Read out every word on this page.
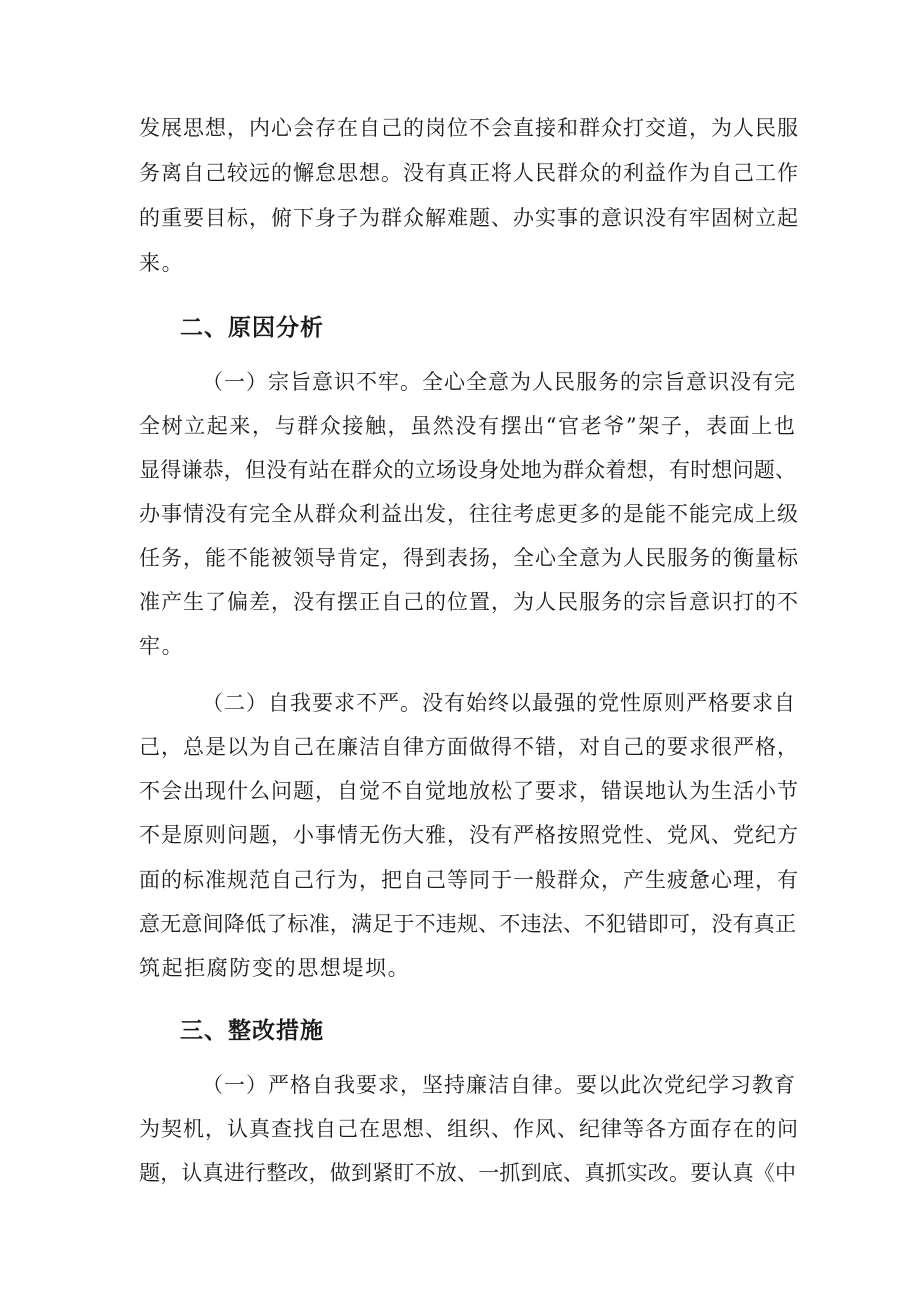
发展思想，内心会存在自己的岗位不会直接和群众打交道，为人民服
务离自己较远的懈怠思想。没有真正将人民群众的利益作为自己工作
的重要目标，俯下身子为群众解难题、办实事的意识没有牢固树立起
来。
二、原因分析
（一）宗旨意识不牢。全心全意为人民服务的宗旨意识没有完
全树立起来，与群众接触，虽然没有摆出“官老爷”架子，表面上也
显得谦恭，但没有站在群众的立场设身处地为群众着想，有时想问题、
办事情没有完全从群众利益出发，往往考虑更多的是能不能完成上级
任务，能不能被领导肯定，得到表扬，全心全意为人民服务的衡量标
准产生了偏差，没有摆正自己的位置，为人民服务的宗旨意识打的不
牢。
（二）自我要求不严。没有始终以最强的党性原则严格要求自
己，总是以为自己在廉洁自律方面做得不错，对自己的要求很严格，
不会出现什么问题，自觉不自觉地放松了要求，错误地认为生活小节
不是原则问题，小事情无伤大雅，没有严格按照党性、党风、党纪方
面的标准规范自己行为，把自己等同于一般群众，产生疲惫心理，有
意无意间降低了标准，满足于不违规、不违法、不犯错即可，没有真正
筑起拒腐防变的思想堤坝。
三、整改措施
（一）严格自我要求，坚持廉洁自律。要以此次党纪学习教育
为契机，认真查找自己在思想、组织、作风、纪律等各方面存在的问
题，认真进行整改，做到紧盯不放、一抓到底、真抓实改。要认真《中
